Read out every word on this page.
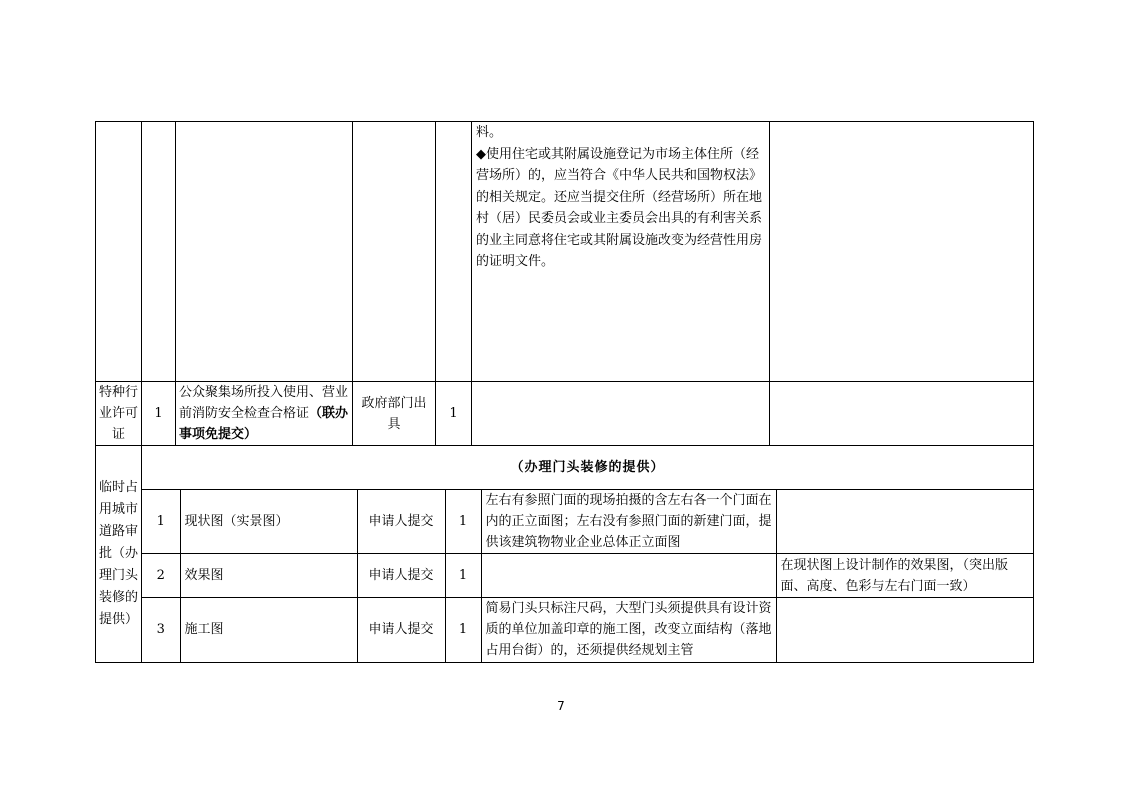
					料。
◆使用住宅或其附属设施登记为市场主体住所（经营场所）的，应当符合《中华人民共和国物权法》的相关规定。还应当提交住所（经营场所）所在地村（居）民委员会或业主委员会出具的有利害关系的业主同意将住宅或其附属设施改变为经营性用房的证明文件。	
特种行业许可证	1	公众聚集场所投入使用、营业前消防安全检查合格证（联办事项免提交）	政府部门出具	1		
临时占用城市道路审批（办理门头装修的提供）	（办理门头装修的提供）

1	现状图（实景图）	申请人提交	1	左右有参照门面的现场拍摄的含左右各一个门面在内的正立面图；左右没有参照门面的新建门面，提供该建筑物物业企业总体正立面图	
2	效果图	申请人提交	1		在现状图上设计制作的效果图，（突出版面、高度、色彩与左右门面一致）
3	施工图	申请人提交	1	简易门头只标注尺码，大型门头须提供具有设计资质的单位加盖印章的施工图，改变立面结构（落地占用台街）的，还须提供经规划主管	
7
